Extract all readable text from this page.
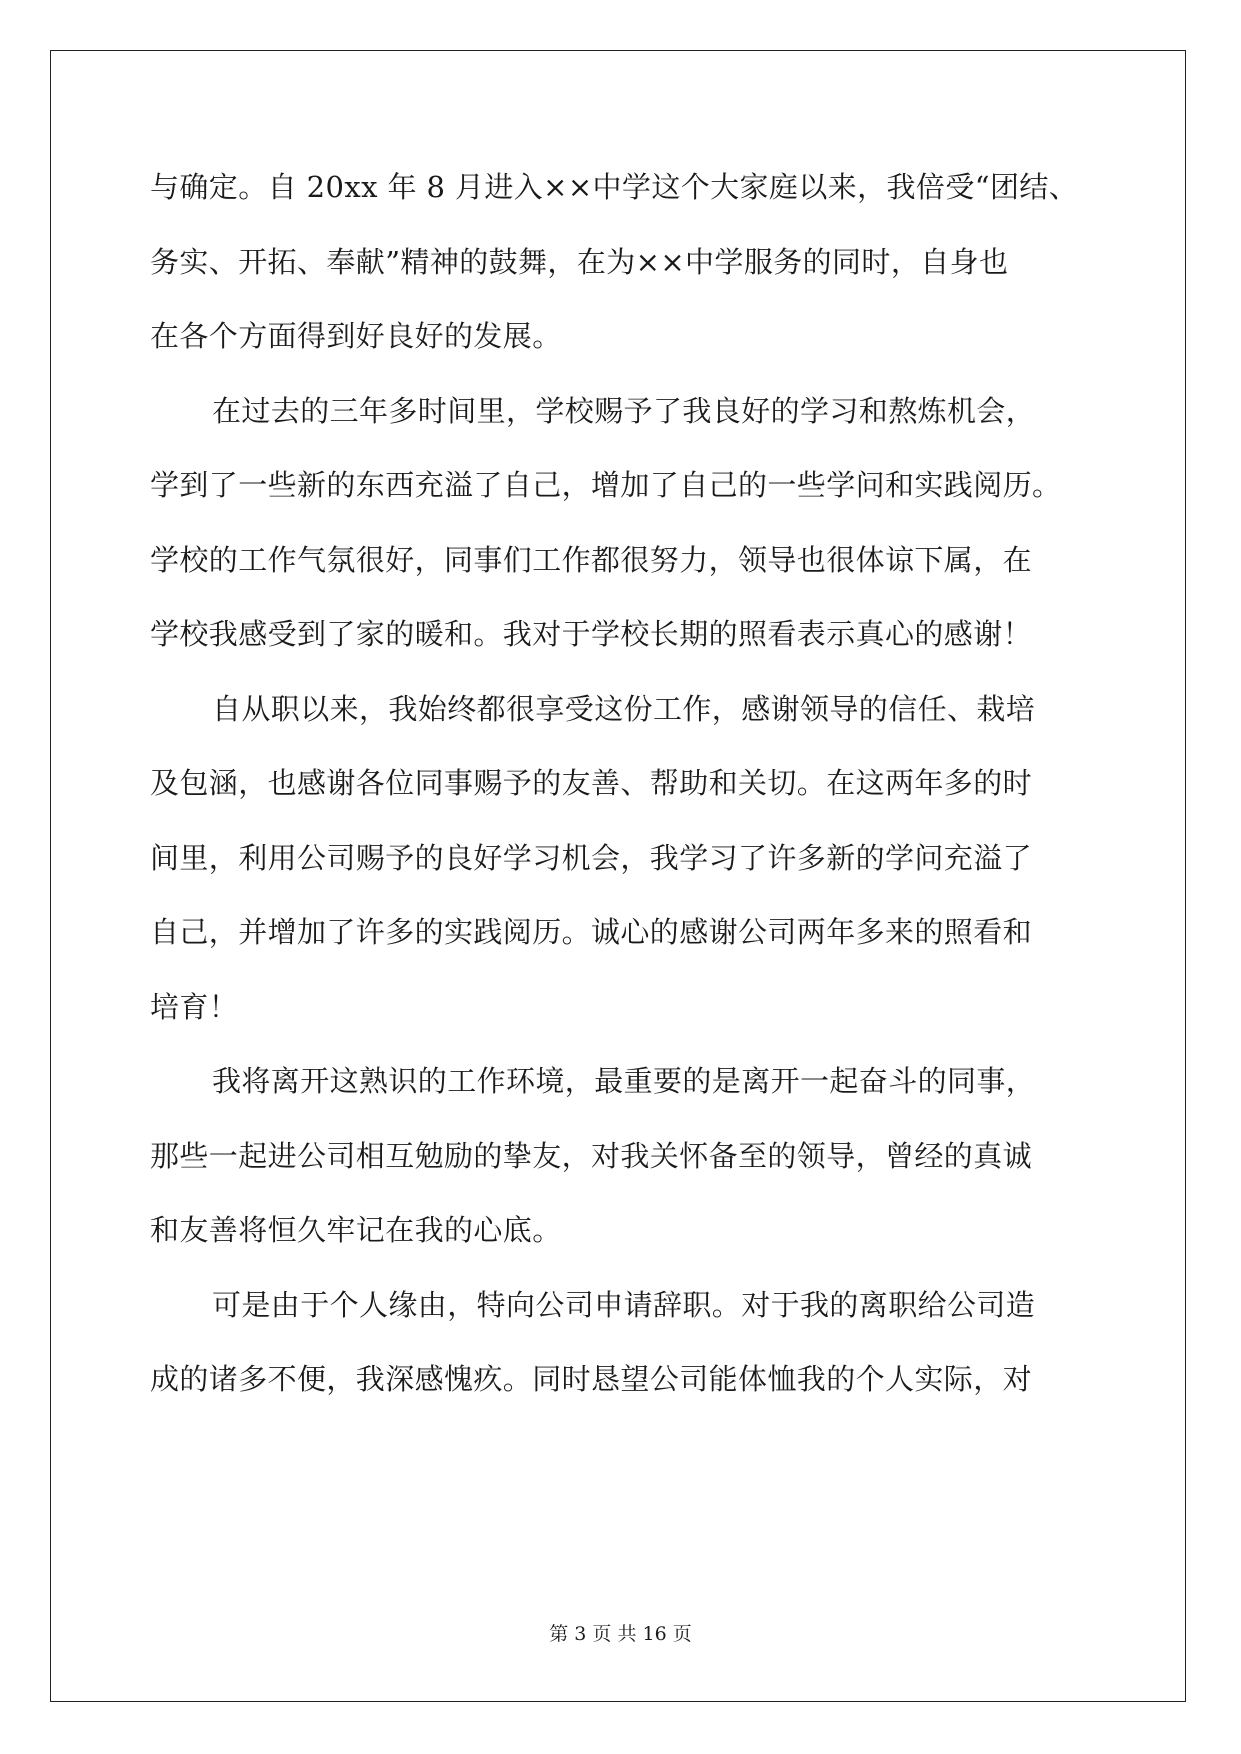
与确定。自 20xx 年 8 月进入××中学这个大家庭以来，我倍受“团结、
务实、开拓、奉献”精神的鼓舞，在为××中学服务的同时，自身也
在各个方面得到好良好的发展。
在过去的三年多时间里，学校赐予了我良好的学习和熬炼机会，
学到了一些新的东西充溢了自己，增加了自己的一些学问和实践阅历。
学校的工作气氛很好，同事们工作都很努力，领导也很体谅下属，在
学校我感受到了家的暖和。我对于学校长期的照看表示真心的感谢！
自从职以来，我始终都很享受这份工作，感谢领导的信任、栽培
及包涵，也感谢各位同事赐予的友善、帮助和关切。在这两年多的时
间里，利用公司赐予的良好学习机会，我学习了许多新的学问充溢了
自己，并增加了许多的实践阅历。诚心的感谢公司两年多来的照看和
培育！
我将离开这熟识的工作环境，最重要的是离开一起奋斗的同事，
那些一起进公司相互勉励的挚友，对我关怀备至的领导，曾经的真诚
和友善将恒久牢记在我的心底。
可是由于个人缘由，特向公司申请辞职。对于我的离职给公司造
成的诸多不便，我深感愧疚。同时恳望公司能体恤我的个人实际，对
第 3 页 共 16 页
